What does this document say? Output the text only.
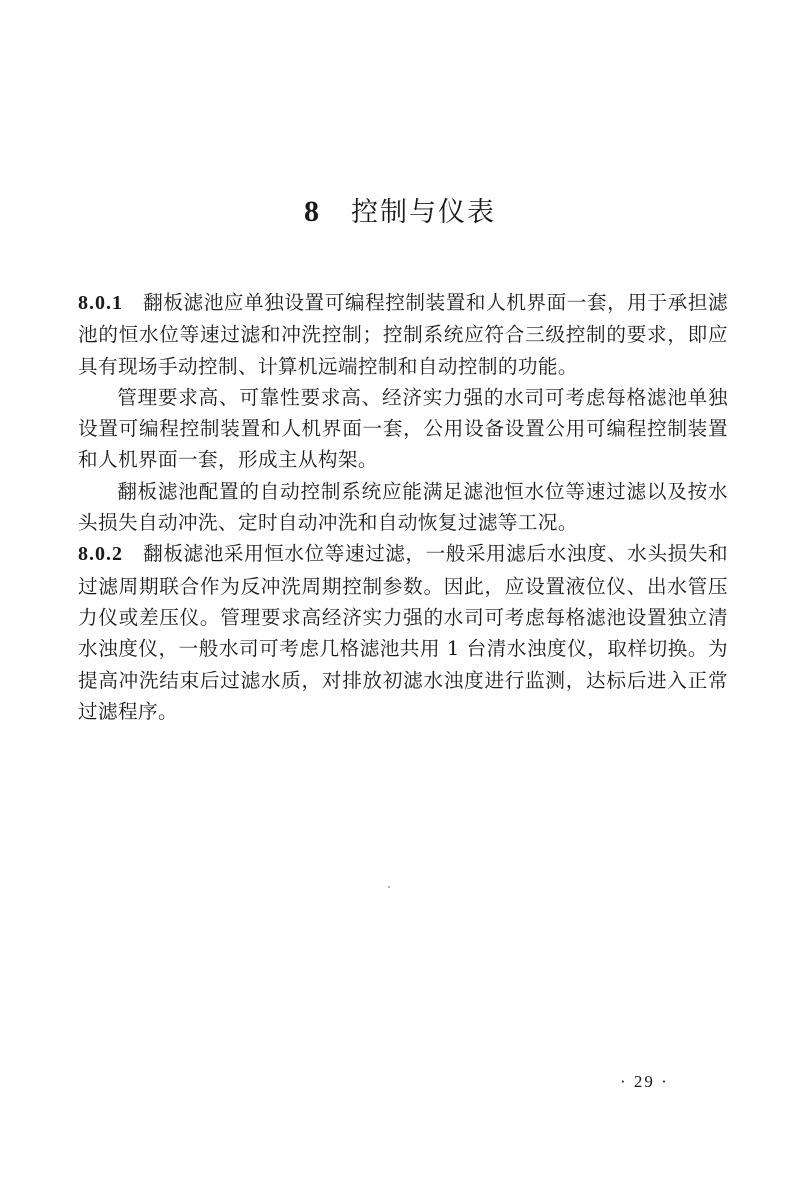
8 控制与仪表

8.0.1 翻板滤池应单独设置可编程控制装置和人机界面一套，用于承担滤池的恒水位等速过滤和冲洗控制；控制系统应符合三级控制的要求，即应具有现场手动控制、计算机远端控制和自动控制的功能。

管理要求高、可靠性要求高、经济实力强的水司可考虑每格滤池单独设置可编程控制装置和人机界面一套，公用设备设置公用可编程控制装置和人机界面一套，形成主从构架。

翻板滤池配置的自动控制系统应能满足滤池恒水位等速过滤以及按水头损失自动冲洗、定时自动冲洗和自动恢复过滤等工况。

8.0.2 翻板滤池采用恒水位等速过滤，一般采用滤后水浊度、水头损失和过滤周期联合作为反冲洗周期控制参数。因此，应设置液位仪、出水管压力仪或差压仪。管理要求高经济实力强的水司可考虑每格滤池设置独立清水浊度仪，一般水司可考虑几格滤池共用 1 台清水浊度仪，取样切换。为提高冲洗结束后过滤水质，对排放初滤水浊度进行监测，达标后进入正常过滤程序。

· 29 ·
